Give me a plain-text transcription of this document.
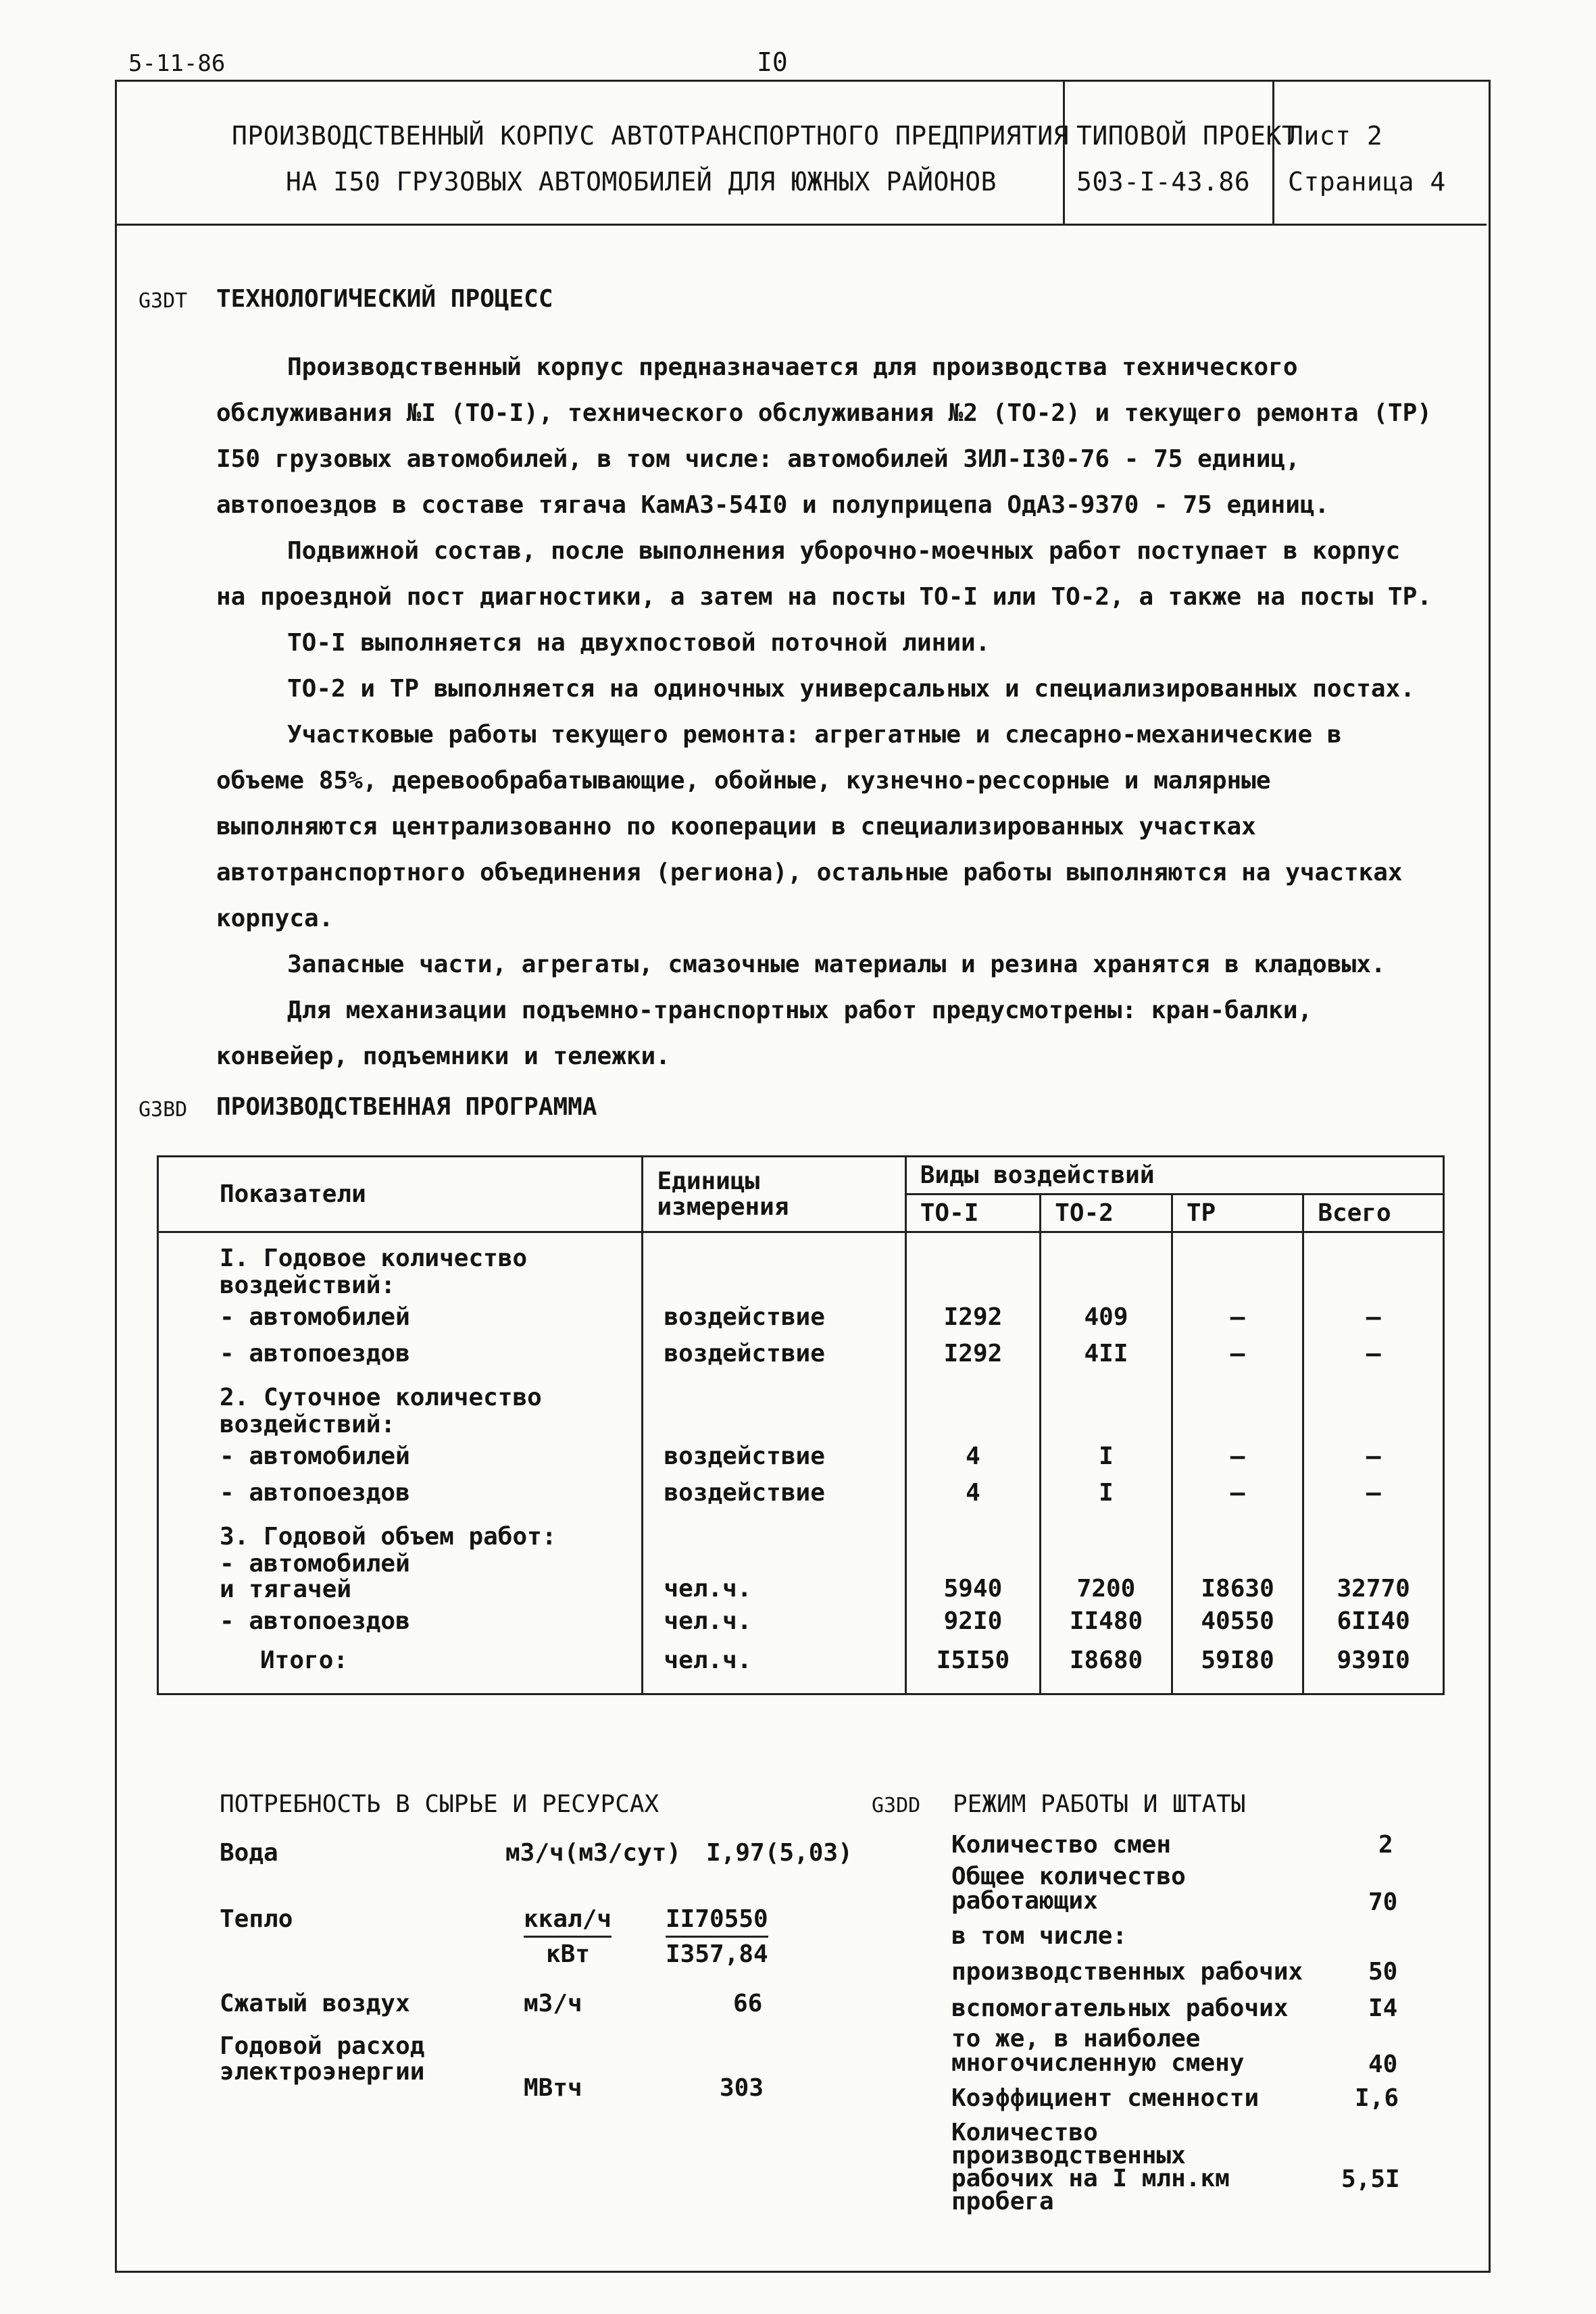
5-11-86	I0
ПРОИЗВОДСТВЕННЫЙ КОРПУС АВТОТРАНСПОРТНОГО ПРЕДПРИЯТИЯ
НА I50 ГРУЗОВЫХ АВТОМОБИЛЕЙ ДЛЯ ЮЖНЫХ РАЙОНОВ
ТИПОВОЙ ПРОЕКТ
503-I-43.86
Лист 2
Страница 4
G3DT ТЕХНОЛОГИЧЕСКИЙ ПРОЦЕСС

Производственный корпус предназначается для производства технического обслуживания №I (ТО-I), технического обслуживания №2 (ТО-2) и текущего ремонта (ТР) I50 грузовых автомобилей, в том числе: автомобилей ЗИЛ-I30-76 - 75 единиц, автопоездов в составе тягача КамАЗ-54I0 и полуприцепа ОдАЗ-9370 - 75 единиц.

Подвижной состав, после выполнения уборочно-моечных работ поступает в корпус на проездной пост диагностики, а затем на посты ТО-I или ТО-2, а также на посты ТР.

ТО-I выполняется на двухпостовой поточной линии.

ТО-2 и ТР выполняется на одиночных универсальных и специализированных постах.

Участковые работы текущего ремонта: агрегатные и слесарно-механические в объеме 85%, деревообрабатывающие, обойные, кузнечно-рессорные и малярные выполняются централизованно по кооперации в специализированных участках автотранспортного объединения (региона), остальные работы выполняются на участках корпуса.

Запасные части, агрегаты, смазочные материалы и резина хранятся в кладовых.

Для механизации подъемно-транспортных работ предусмотрены: кран-балки, конвейер, подъемники и тележки.

G3BD ПРОИЗВОДСТВЕННАЯ ПРОГРАММА
Показатели	Единицы измерения	Виды воздействий			
		ТО-I	ТО-2	ТР	Всего
I. Годовое количество воздействий:					
- автомобилей	воздействие	I292	409	–	–
- автопоездов	воздействие	I292	4II	–	–
2. Суточное количество воздействий:					
- автомобилей	воздействие	4	I	–	–
- автопоездов	воздействие	4	I	–	–
3. Годовой объем работ:					
- автомобилей и тягачей	чел.ч.	5940	7200	I8630	32770
- автопоездов	чел.ч.	92I0	II480	40550	6II40
Итого:	чел.ч.	I5I50	I8680	59I80	939I0
ПОТРЕБНОСТЬ В СЫРЬЕ И РЕСУРСАХ
Вода	м3/ч(м3/сут) I,97(5,03)
Тепло	ккал/ч II70550
кВт	I357,84
Сжатый воздух	м3/ч	66
Годовой расход электроэнергии
МВтч	303
G3DD РЕЖИМ РАБОТЫ И ШТАТЫ
Количество смен	2
Общее количество работающих	70
в том числе:
производственных рабочих	50
вспомогательных рабочих	I4
то же, в наиболее многочисленную смену	40
Коэффициент сменности	I,6
Количество производственных рабочих на I млн.км пробега
5,5I
